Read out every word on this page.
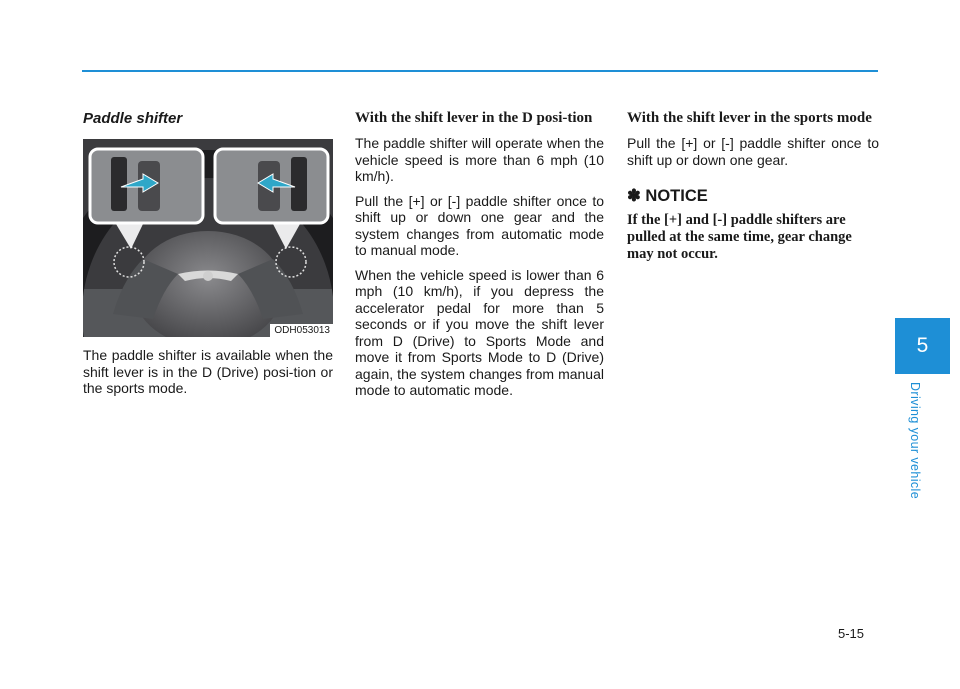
Paddle shifter
ODH053013

The paddle shifter is available when the shift lever is in the D (Drive) posi-tion or the sports mode.

With the shift lever in the D posi-tion

The paddle shifter will operate when the vehicle speed is more than 6 mph (10 km/h).

Pull the [+] or [-] paddle shifter once to shift up or down one gear and the system changes from automatic mode to manual mode.

When the vehicle speed is lower than 6 mph (10 km/h), if you depress the accelerator pedal for more than 5 seconds or if you move the shift lever from D (Drive) to Sports Mode and move it from Sports Mode to D (Drive) again, the system changes from manual mode to automatic mode.

With the shift lever in the sports mode

Pull the [+] or [-] paddle shifter once to shift up or down one gear.

✽ NOTICE

If the [+] and [-] paddle shifters are pulled at the same time, gear change may not occur.

5
Driving your vehicle
5-15
